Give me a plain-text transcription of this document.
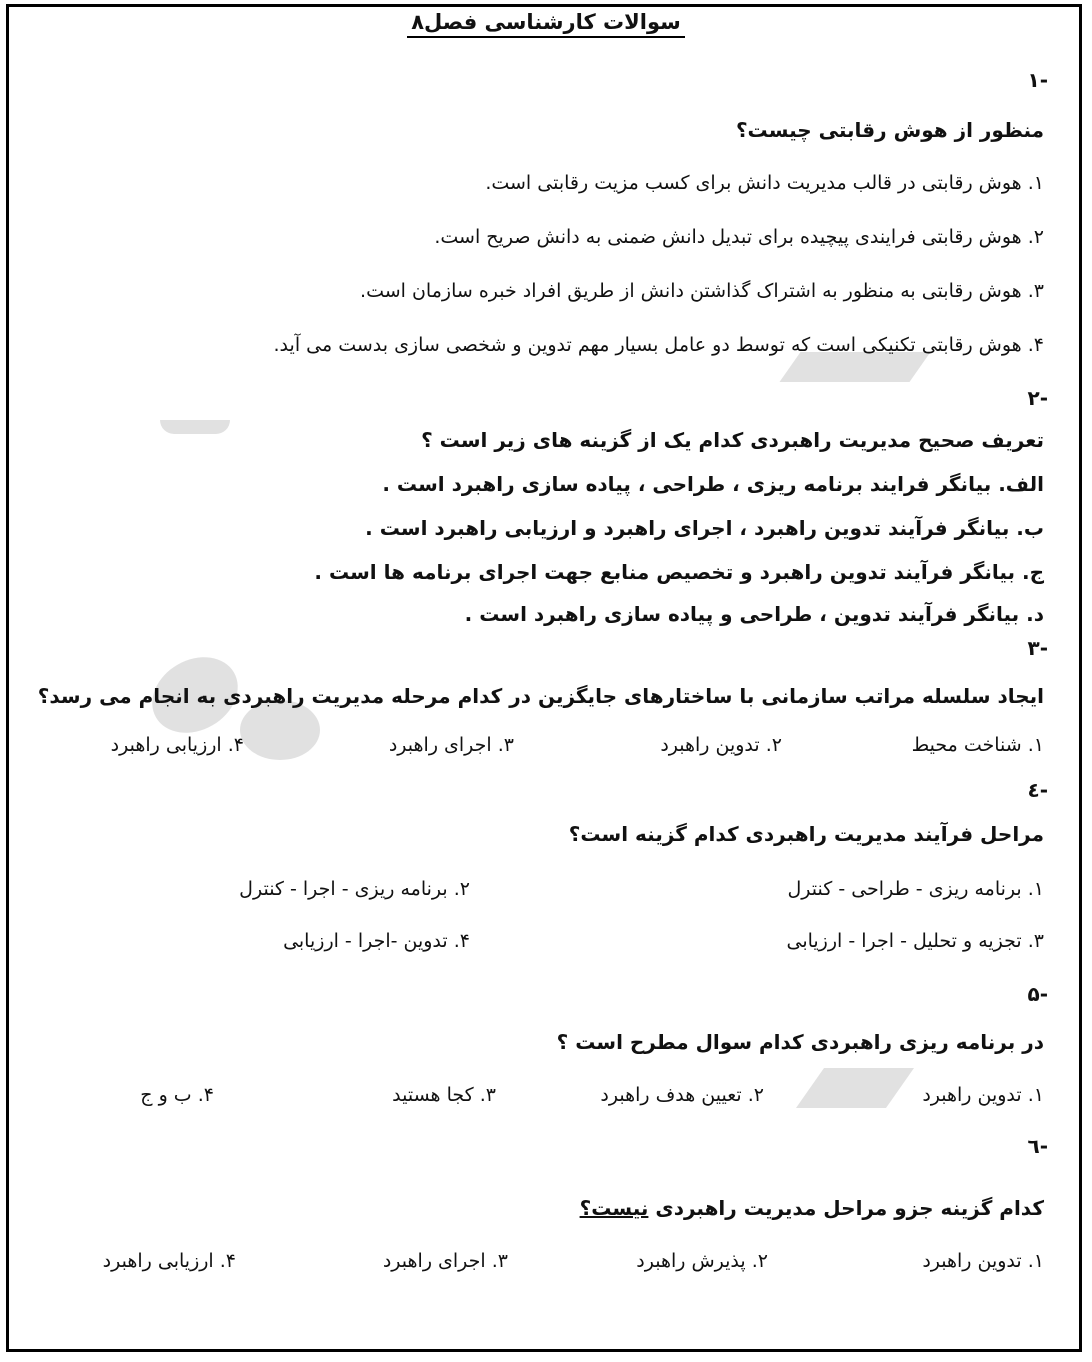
سوالات کارشناسی فصل۸
-۱
منظور از هوش رقابتی چیست؟
۱. هوش رقابتی در قالب مدیریت دانش برای کسب مزیت رقابتی است.
۲. هوش رقابتی فرایندی پیچیده برای تبدیل دانش ضمنی به دانش صریح است.
۳. هوش رقابتی به منظور به اشتراک گذاشتن دانش از طریق افراد خبره سازمان است.
۴. هوش رقابتی تکنیکی است که توسط دو عامل بسیار مهم تدوین و شخصی سازی بدست می آید.
-۲
تعریف صحیح مدیریت راهبردی کدام یک از گزینه های زیر است ؟
الف. بیانگر فرایند برنامه ریزی ، طراحی ، پیاده سازی راهبرد است .
ب. بیانگر فرآیند تدوین راهبرد ، اجرای راهبرد و ارزیابی راهبرد است .
ج. بیانگر فرآیند تدوین راهبرد و تخصیص منابع جهت اجرای برنامه ها است .
د. بیانگر فرآیند تدوین ، طراحی و پیاده سازی راهبرد است .
-۳
ایجاد سلسله مراتب سازمانی با ساختارهای جایگزین در کدام مرحله مدیریت راهبردی به انجام می رسد؟
۱. شناخت محیط
۲. تدوین راهبرد
۳. اجرای راهبرد
۴. ارزیابی راهبرد
-٤
مراحل فرآیند مدیریت راهبردی کدام گزینه است؟
۱. برنامه ریزی - طراحی - کنترل
۲. برنامه ریزی - اجرا - کنترل
۳. تجزیه و تحلیل - اجرا - ارزیابی
۴. تدوین -اجرا - ارزیابی
-۵
در برنامه ریزی راهبردی کدام سوال مطرح است ؟
۱. تدوین راهبرد
۲. تعیین هدف راهبرد
۳. کجا هستید
۴. ب و ج
-٦
کدام گزینه جزو مراحل مدیریت راهبردی نیست؟
۱. تدوین راهبرد
۲. پذیرش راهبرد
۳. اجرای راهبرد
۴. ارزیابی راهبرد
